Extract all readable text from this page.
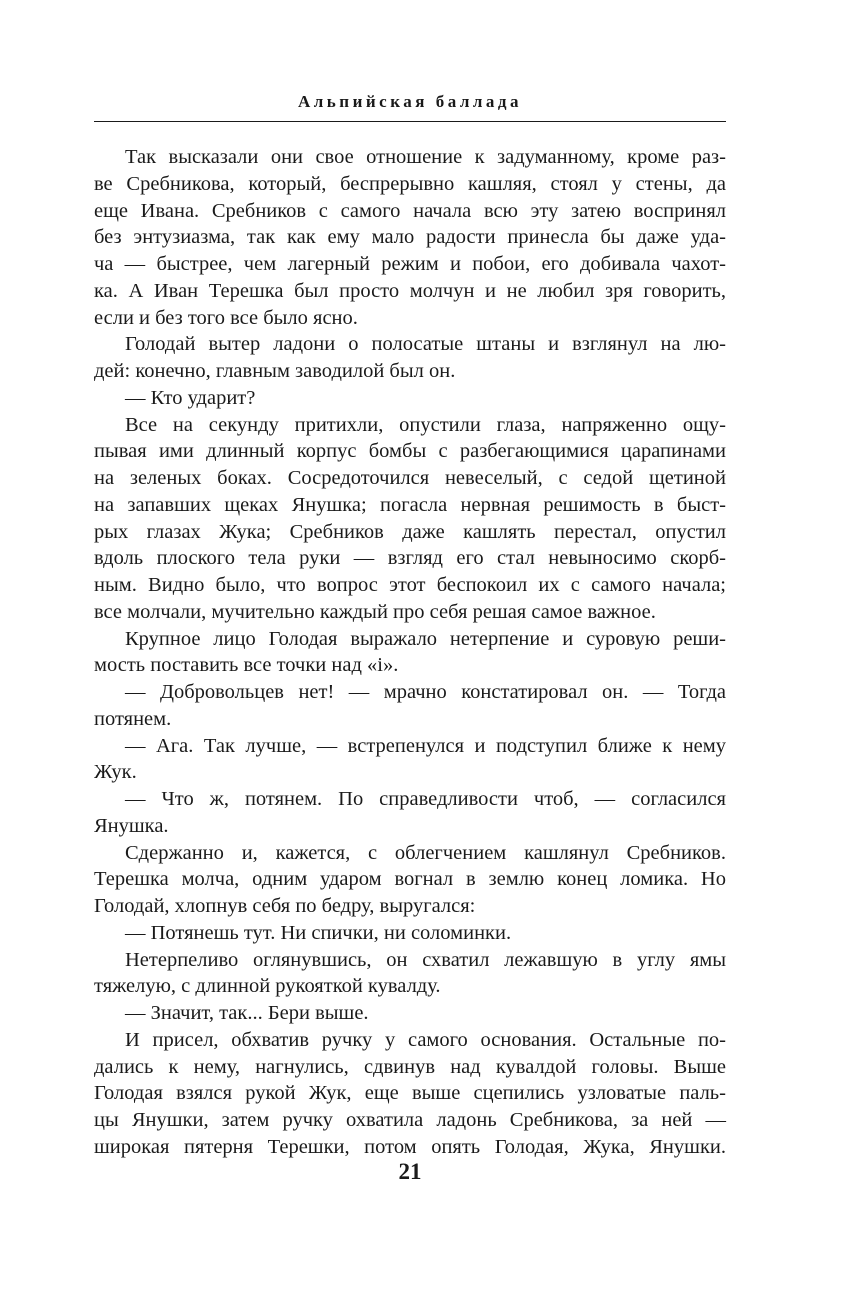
Альпийская баллада
Так высказали они свое отношение к задуманному, кроме раз-
ве Сребникова, который, беспрерывно кашляя, стоял у стены, да
еще Ивана. Сребников с самого начала всю эту затею воспринял
без энтузиазма, так как ему мало радости принесла бы даже уда-
ча — быстрее, чем лагерный режим и побои, его добивала чахот-
ка. А Иван Терешка был просто молчун и не любил зря говорить,
если и без того все было ясно.
Голодай вытер ладони о полосатые штаны и взглянул на лю-
дей: конечно, главным заводилой был он.
— Кто ударит?
Все на секунду притихли, опустили глаза, напряженно ощу-
пывая ими длинный корпус бомбы с разбегающимися царапинами
на зеленых боках. Сосредоточился невеселый, с седой щетиной
на запавших щеках Янушка; погасла нервная решимость в быст-
рых глазах Жука; Сребников даже кашлять перестал, опустил
вдоль плоского тела руки — взгляд его стал невыносимо скорб-
ным. Видно было, что вопрос этот беспокоил их с самого начала;
все молчали, мучительно каждый про себя решая самое важное.
Крупное лицо Голодая выражало нетерпение и суровую реши-
мость поставить все точки над «і».
— Добровольцев нет! — мрачно констатировал он. — Тогда
потянем.
— Ага. Так лучше, — встрепенулся и подступил ближе к нему
Жук.
— Что ж, потянем. По справедливости чтоб, — согласился
Янушка.
Сдержанно и, кажется, с облегчением кашлянул Сребников.
Терешка молча, одним ударом вогнал в землю конец ломика. Но
Голодай, хлопнув себя по бедру, выругался:
— Потянешь тут. Ни спички, ни соломинки.
Нетерпеливо оглянувшись, он схватил лежавшую в углу ямы
тяжелую, с длинной рукояткой кувалду.
— Значит, так... Бери выше.
И присел, обхватив ручку у самого основания. Остальные по-
дались к нему, нагнулись, сдвинув над кувалдой головы. Выше
Голодая взялся рукой Жук, еще выше сцепились узловатые паль-
цы Янушки, затем ручку охватила ладонь Сребникова, за ней —
широкая пятерня Терешки, потом опять Голодая, Жука, Янушки.
21
